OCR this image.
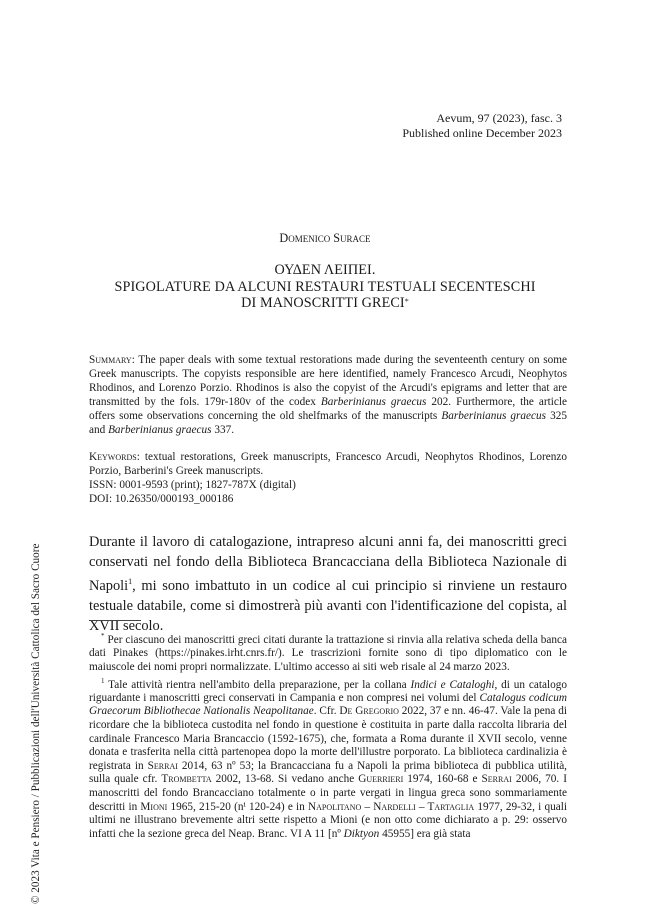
© 2023 Vita e Pensiero / Pubblicazioni dell'Università Cattolica del Sacro Cuore
Aevum, 97 (2023), fasc. 3
Published online December 2023
Domenico Surace
ΟΥΔΕΝ ΛΕΙΠΕΙ.
SPIGOLATURE DA ALCUNI RESTAURI TESTUALI SECENTESCHI
DI MANOSCRITTI GRECI*
Summary: The paper deals with some textual restorations made during the seventeenth century on some Greek manuscripts. The copyists responsible are here identified, namely Francesco Arcudi, Neophytos Rhodinos, and Lorenzo Porzio. Rhodinos is also the copyist of the Arcudi's epigrams and letter that are transmitted by the fols. 179r-180v of the codex Barberinianus graecus 202. Furthermore, the article offers some observations concerning the old shelfmarks of the manuscripts Barberinianus graecus 325 and Barberinianus graecus 337.

Keywords: textual restorations, Greek manuscripts, Francesco Arcudi, Neophytos Rhodinos, Lorenzo Porzio, Barberini's Greek manuscripts.

ISSN: 0001-9593 (print); 1827-787X (digital)

DOI: 10.26350/000193_000186

Durante il lavoro di catalogazione, intrapreso alcuni anni fa, dei manoscritti greci conservati nel fondo della Biblioteca Brancacciana della Biblioteca Nazionale di Napoli$^1$, mi sono imbattuto in un codice al cui principio si rinviene un restauro testuale databile, come si dimostrerà più avanti con l'identificazione del copista, al XVII secolo.

* Per ciascuno dei manoscritti greci citati durante la trattazione si rinvia alla relativa scheda della banca dati Pinakes (https://pinakes.irht.cnrs.fr/). Le trascrizioni fornite sono di tipo diplomatico con le maiuscole dei nomi propri normalizzate. L'ultimo accesso ai siti web risale al 24 marzo 2023.

$^1$ Tale attività rientra nell'ambito della preparazione, per la collana Indici e Cataloghi, di un catalogo riguardante i manoscritti greci conservati in Campania e non compresi nei volumi del Catalogus codicum Graecorum Bibliothecae Nationalis Neapolitanae. Cfr. De Gregorio 2022, 37 e nn. 46-47. Vale la pena di ricordare che la biblioteca custodita nel fondo in questione è costituita in parte dalla raccolta libraria del cardinale Francesco Maria Brancaccio (1592-1675), che, formata a Roma durante il XVII secolo, venne donata e trasferita nella città partenopea dopo la morte dell'illustre porporato. La biblioteca cardinalizia è registrata in Serrai 2014, 63 nº 53; la Brancacciana fu a Napoli la prima biblioteca di pubblica utilità, sulla quale cfr. Trombetta 2002, 13-68. Si vedano anche Guerrieri 1974, 160-68 e Serrai 2006, 70. I manoscritti del fondo Brancacciano totalmente o in parte vergati in lingua greca sono sommariamente descritti in Mioni 1965, 215-20 (nⁱ 120-24) e in Napolitano – Nardelli – Tartaglia 1977, 29-32, i quali ultimi ne illustrano brevemente altri sette rispetto a Mioni (e non otto come dichiarato a p. 29: osservo infatti che la sezione greca del Neap. Branc. VI A 11 [nº Diktyon 45955] era già stata
